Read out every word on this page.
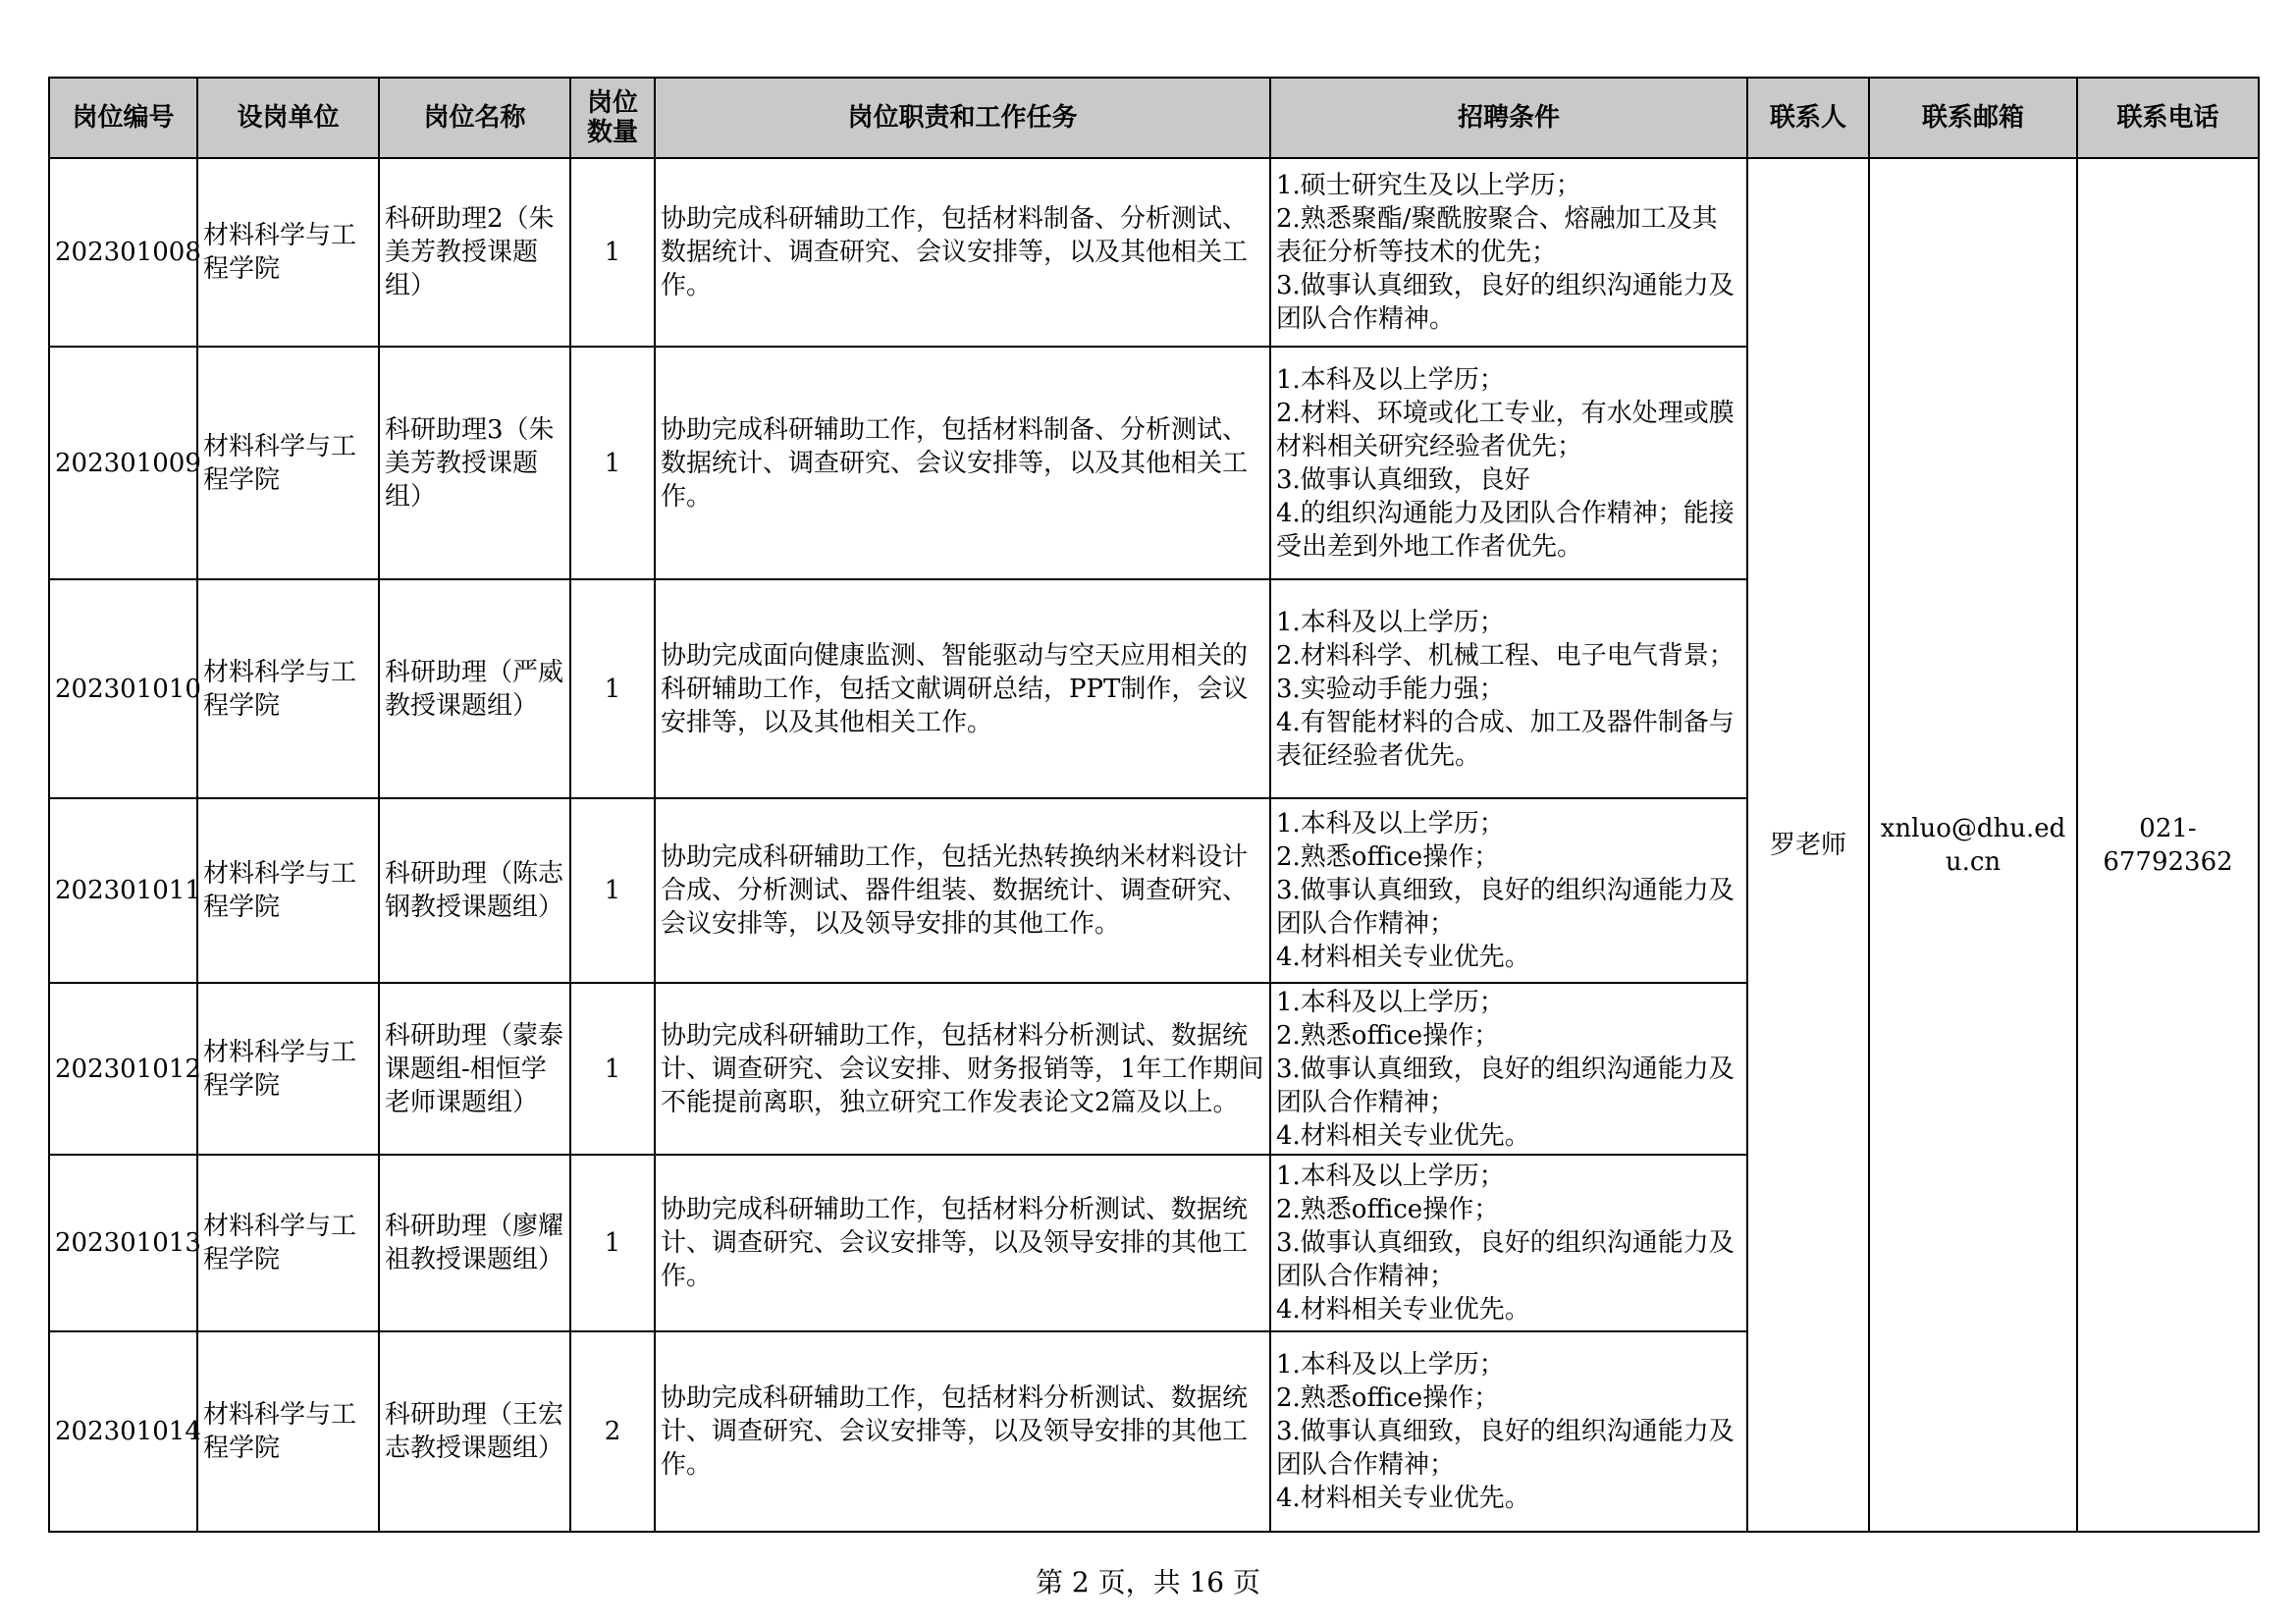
岗位编号	设岗单位	岗位名称	岗位数量	岗位职责和工作任务	招聘条件	联系人	联系邮箱	联系电话
202301008	材料科学与工程学院	科研助理2（朱美芳教授课题组）	1	协助完成科研辅助工作，包括材料制备、分析测试、数据统计、调查研究、会议安排等，以及其他相关工作。	1.硕士研究生及以上学历；
2.熟悉聚酯/聚酰胺聚合、熔融加工及其表征分析等技术的优先；
3.做事认真细致，良好的组织沟通能力及团队合作精神。	罗老师	xnluo@dhu.edu.cn	021-67792362
202301009	材料科学与工程学院	科研助理3（朱美芳教授课题组）	1	协助完成科研辅助工作，包括材料制备、分析测试、数据统计、调查研究、会议安排等，以及其他相关工作。	1.本科及以上学历；
2.材料、环境或化工专业，有水处理或膜材料相关研究经验者优先；
3.做事认真细致，良好
4.的组织沟通能力及团队合作精神；能接受出差到外地工作者优先。			

202301010	材料科学与工程学院	科研助理（严威教授课题组）	1	协助完成面向健康监测、智能驱动与空天应用相关的科研辅助工作，包括文献调研总结，PPT制作，会议安排等，以及其他相关工作。	1.本科及以上学历；
2.材料科学、机械工程、电子电气背景；
3.实验动手能力强；
4.有智能材料的合成、加工及器件制备与表征经验者优先。			

202301011	材料科学与工程学院	科研助理（陈志钢教授课题组）	1	协助完成科研辅助工作，包括光热转换纳米材料设计合成、分析测试、器件组装、数据统计、调查研究、会议安排等，以及领导安排的其他工作。	1.本科及以上学历；
2.熟悉office操作；
3.做事认真细致，良好的组织沟通能力及团队合作精神；
4.材料相关专业优先。			

202301012	材料科学与工程学院	科研助理（蒙泰课题组-相恒学老师课题组）	1	协助完成科研辅助工作，包括材料分析测试、数据统计、调查研究、会议安排、财务报销等，1年工作期间不能提前离职，独立研究工作发表论文2篇及以上。	1.本科及以上学历；
2.熟悉office操作；
3.做事认真细致，良好的组织沟通能力及团队合作精神；
4.材料相关专业优先。			

202301013	材料科学与工程学院	科研助理（廖耀祖教授课题组）	1	协助完成科研辅助工作，包括材料分析测试、数据统计、调查研究、会议安排等，以及领导安排的其他工作。	1.本科及以上学历；
2.熟悉office操作；
3.做事认真细致，良好的组织沟通能力及团队合作精神；
4.材料相关专业优先。			

202301014	材料科学与工程学院	科研助理（王宏志教授课题组）	2	协助完成科研辅助工作，包括材料分析测试、数据统计、调查研究、会议安排等，以及领导安排的其他工作。	1.本科及以上学历；
2.熟悉office操作；
3.做事认真细致，良好的组织沟通能力及团队合作精神；
4.材料相关专业优先。			
第 2 页，共 16 页
